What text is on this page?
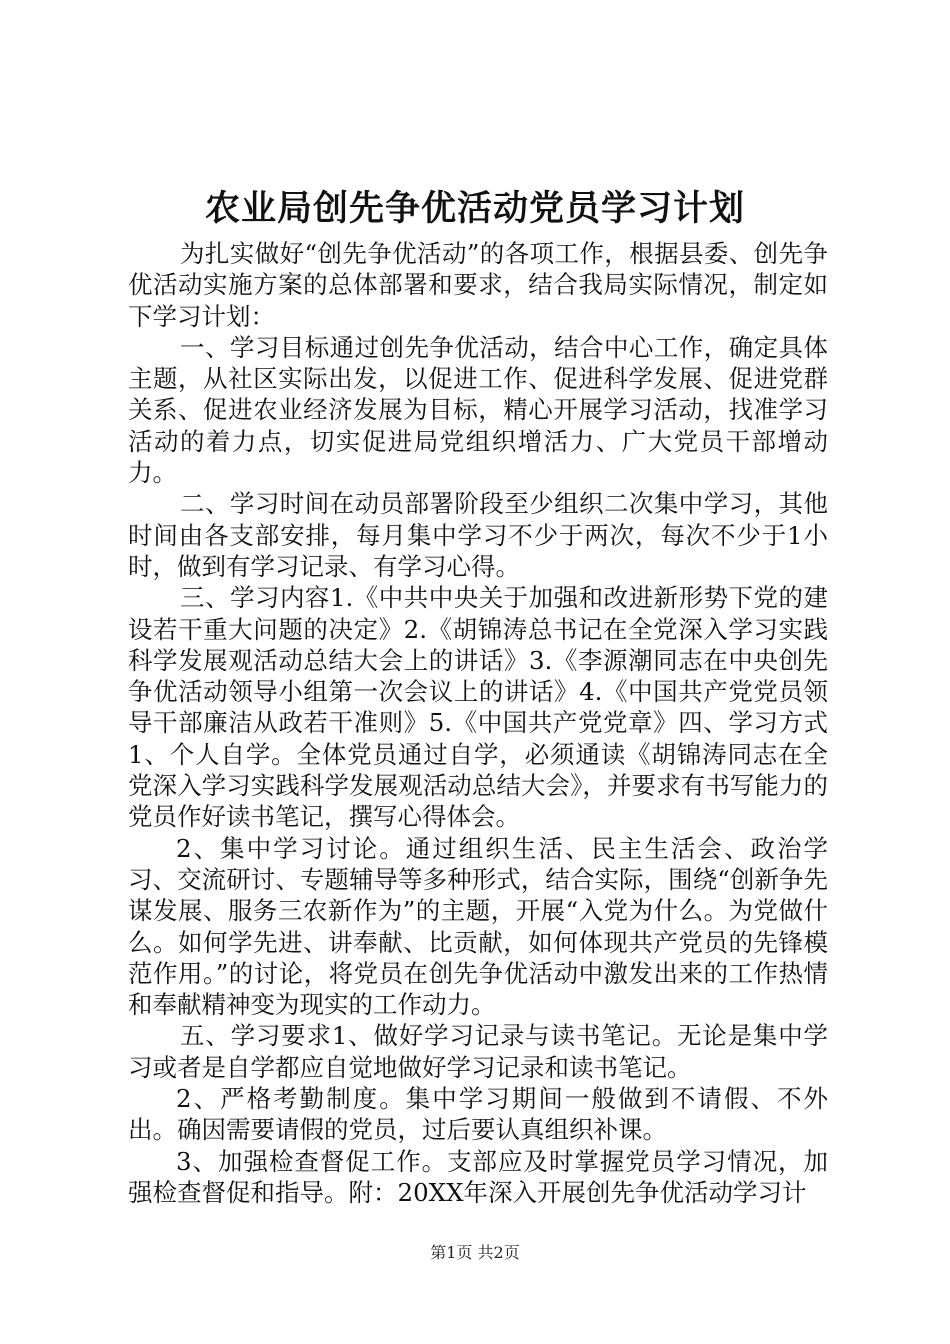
农业局创先争优活动党员学习计划

为扎实做好“创先争优活动”的各项工作，根据县委、创先争优活动实施方案的总体部署和要求，结合我局实际情况，制定如下学习计划：

一、学习目标通过创先争优活动，结合中心工作，确定具体主题，从社区实际出发，以促进工作、促进科学发展、促进党群关系、促进农业经济发展为目标，精心开展学习活动，找准学习活动的着力点，切实促进局党组织增活力、广大党员干部增动力。

二、学习时间在动员部署阶段至少组织二次集中学习，其他时间由各支部安排，每月集中学习不少于两次，每次不少于1小时，做到有学习记录、有学习心得。

三、学习内容1.《中共中央关于加强和改进新形势下党的建设若干重大问题的决定》2.《胡锦涛总书记在全党深入学习实践科学发展观活动总结大会上的讲话》3.《李源潮同志在中央创先争优活动领导小组第一次会议上的讲话》4.《中国共产党党员领导干部廉洁从政若干准则》5.《中国共产党党章》四、学习方式1、个人自学。全体党员通过自学，必须通读《胡锦涛同志在全党深入学习实践科学发展观活动总结大会》，并要求有书写能力的党员作好读书笔记，撰写心得体会。

2、集中学习讨论。通过组织生活、民主生活会、政治学习、交流研讨、专题辅导等多种形式，结合实际，围绕“创新争先谋发展、服务三农新作为”的主题，开展“入党为什么。为党做什么。如何学先进、讲奉献、比贡献，如何体现共产党员的先锋模范作用。”的讨论，将党员在创先争优活动中激发出来的工作热情和奉献精神变为现实的工作动力。

五、学习要求1、做好学习记录与读书笔记。无论是集中学习或者是自学都应自觉地做好学习记录和读书笔记。

2、严格考勤制度。集中学习期间一般做到不请假、不外出。确因需要请假的党员，过后要认真组织补课。

3、加强检查督促工作。支部应及时掌握党员学习情况，加强检查督促和指导。附：20XX年深入开展创先争优活动学习计

第1页 共2页
